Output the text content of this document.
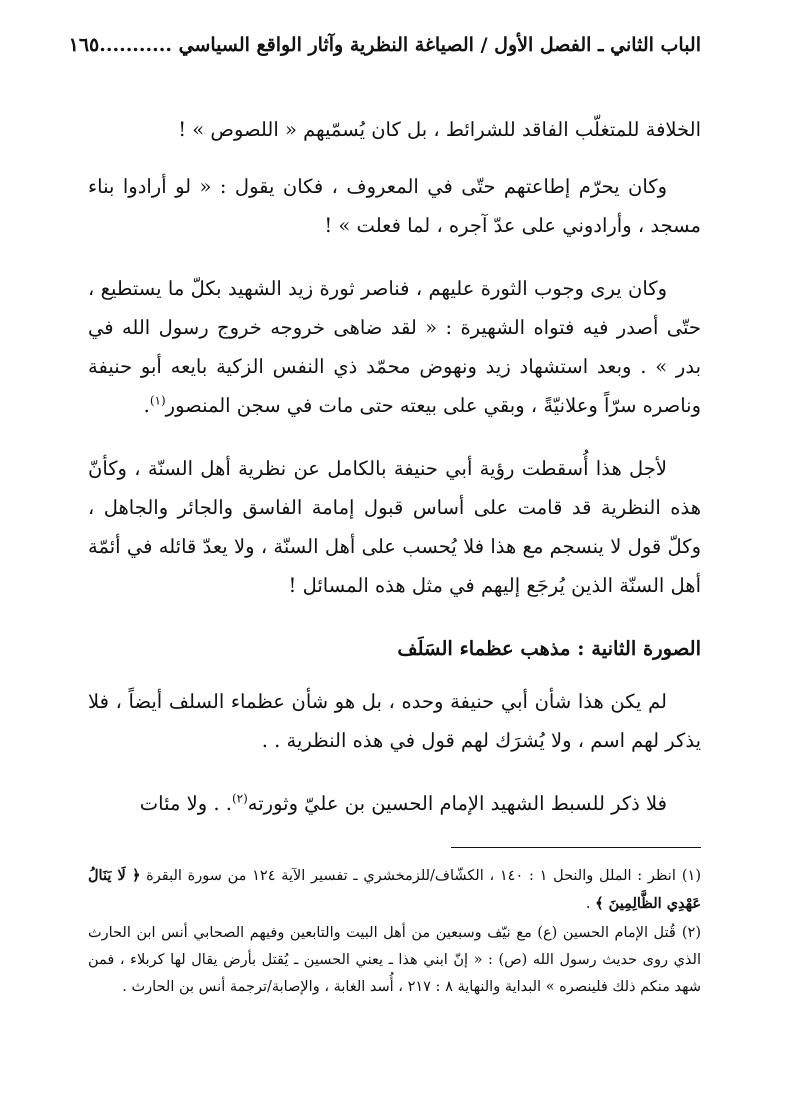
الباب الثاني ـ الفصل الأول / الصياغة النظرية وآثار الواقع السياسي ...........
١٦٥

الخلافة للمتغلّب الفاقد للشرائط ، بل كان يُسمّيهم « اللصوص » !

وكان يحرّم إطاعتهم حتّى في المعروف ، فكان يقول : « لو أرادوا بناء مسجد ، وأرادوني على عدّ آجره ، لما فعلت » !

وكان يرى وجوب الثورة عليهم ، فناصر ثورة زيد الشهيد بكلّ ما يستطيع ، حتّى أصدر فيه فتواه الشهيرة : « لقد ضاهى خروجه خروج رسول الله في بدر » . وبعد استشهاد زيد ونهوض محمّد ذي النفس الزكية بايعه أبو حنيفة وناصره سرّاً وعلانيّةً ، وبقي على بيعته حتى مات في سجن المنصور$^{(١)}$.

لأجل هذا أُسقطت رؤية أبي حنيفة بالكامل عن نظرية أهل السنّة ، وكأنّ هذه النظرية قد قامت على أساس قبول إمامة الفاسق والجائر والجاهل ، وكلّ قول لا ينسجم مع هذا فلا يُحسب على أهل السنّة ، ولا يعدّ قائله في أئمّة أهل السنّة الذين يُرجَع إليهم في مثل هذه المسائل !

الصورة الثانية : مذهب عظماء السَلَف

لم يكن هذا شأن أبي حنيفة وحده ، بل هو شأن عظماء السلف أيضاً ، فلا يذكر لهم اسم ، ولا يُشرَك لهم قول في هذه النظرية . .

فلا ذكر للسبط الشهيد الإمام الحسين بن عليّ وثورته$^{(٢)}$. . ولا مئات

(١)انظر : الملل والنحل ١ : ١٤٠ ، الكشّاف/للزمخشري ـ تفسير الآية ١٢٤ من سورة البقرة ﴿ لَا يَنَالُ عَهْدِي الظَّالِمِينَ ﴾ .

(٢)قُتل الإمام الحسين (ع) مع نيّف وسبعين من أهل البيت والتابعين وفيهم الصحابي أنس ابن الحارث الذي روى حديث رسول الله (ص) : « إنّ ابني هذا ـ يعني الحسين ـ يُقتل بأرض يقال لها كربلاء ، فمن شهد منكم ذلك فلينصره » البداية والنهاية ٨ : ٢١٧ ، أُسد الغابة ، والإصابة/ترجمة أنس بن الحارث .
